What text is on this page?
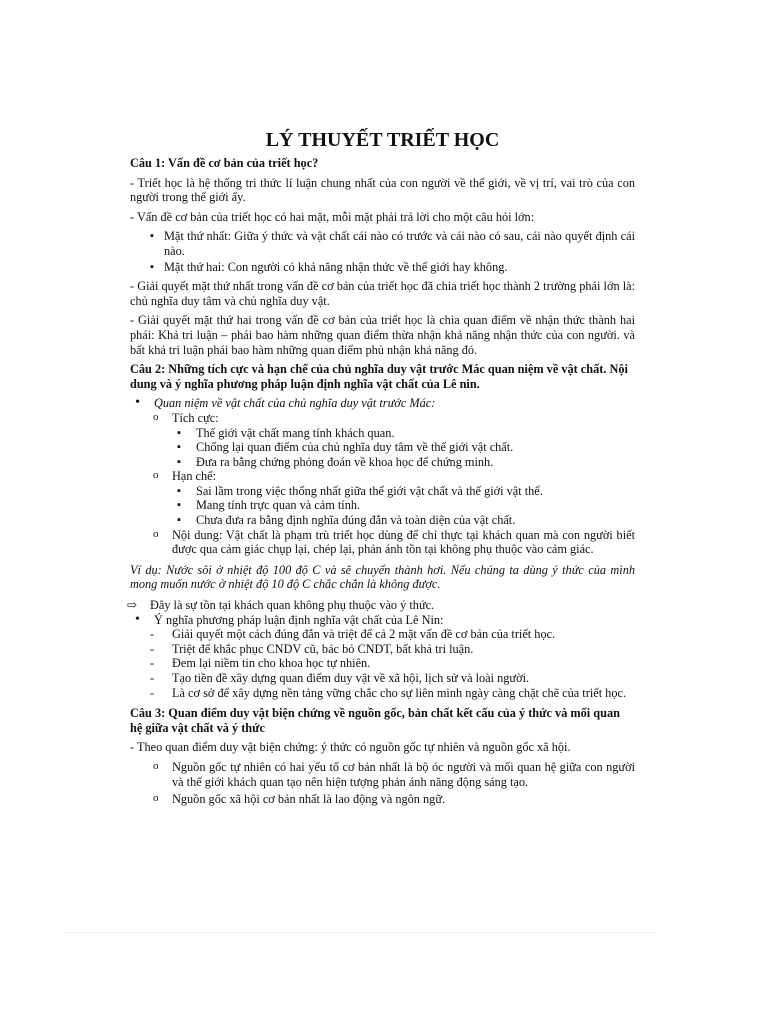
LÝ THUYẾT TRIẾT HỌC
Câu 1: Vấn đề cơ bản của triết học?

- Triết học là hệ thống tri thức lí luận chung nhất của con người về thế giới, về vị trí, vai trò của con người trong thế giới ấy.

- Vấn đề cơ bản của triết học có hai mặt, mỗi mặt phải trả lời cho một câu hỏi lớn:

▪ Mặt thứ nhất: Giữa ý thức và vật chất cái nào có trước và cái nào có sau, cái nào quyết định cái nào.
▪ Mặt thứ hai: Con người có khả năng nhận thức về thế giới hay không.

- Giải quyết mặt thứ nhất trong vấn đề cơ bản của triết học đã chia triết học thành 2 trường phái lớn là: chủ nghĩa duy tâm và chủ nghĩa duy vật.

- Giải quyết mặt thứ hai trong vấn đề cơ bản của triết học là chia quan điểm về nhận thức thành hai phái: Khả tri luận – phái bao hàm những quan điểm thừa nhận khả năng nhận thức của con người. và bất khả tri luận phái bao hàm những quan điểm phủ nhận khả năng đó.

Câu 2: Những tích cực và hạn chế của chủ nghĩa duy vật trước Mác quan niệm về vật chất. Nội dung và ý nghĩa phương pháp luận định nghĩa vật chất của Lê nin.
• Quan niệm về vật chất của chủ nghĩa duy vật trước Mác:
o Tích cực:
▪ Thế giới vật chất mang tính khách quan.
▪ Chống lại quan điểm của chủ nghĩa duy tâm về thế giới vật chất.
▪ Đưa ra bằng chứng phỏng đoán về khoa học để chứng minh.
o Hạn chế:
▪ Sai lầm trong việc thống nhất giữa thế giới vật chất và thế giới vật thể.
▪ Mang tính trực quan và cảm tính.
▪ Chưa đưa ra bằng định nghĩa đúng đắn và toàn diện của vật chất.
o Nội dung: Vật chất là phạm trù triết học dùng để chỉ thực tại khách quan mà con người biết được qua cảm giác chụp lại, chép lại, phản ánh tồn tại không phụ thuộc vào cảm giác.

Ví dụ: Nước sôi ở nhiệt độ 100 độ C và sẽ chuyển thành hơi. Nếu chúng ta dùng ý thức của mình mong muốn nước ở nhiệt độ 10 độ C chắc chắn là không được.

⇨ Đây là sự tồn tại khách quan không phụ thuộc vào ý thức.
• Ý nghĩa phương pháp luận định nghĩa vật chất của Lê Nin:
- Giải quyết một cách đúng đắn và triệt để cả 2 mặt vấn đề cơ bản của triết học.
- Triệt để khắc phục CNDV cũ, bác bỏ CNDT, bất khả tri luận.
- Đem lại niềm tin cho khoa học tự nhiên.
- Tạo tiền đề xây dựng quan điểm duy vật về xã hội, lịch sử và loài người.
- Là cơ sở để xây dựng nền tảng vững chắc cho sự liên minh ngày càng chặt chẽ của triết học.
Câu 3: Quan điểm duy vật biện chứng về nguồn gốc, bản chất kết cấu của ý thức và mối quan hệ giữa vật chất và ý thức

- Theo quan điểm duy vật biện chứng: ý thức có nguồn gốc tự nhiên và nguồn gốc xã hội.

o Nguồn gốc tự nhiên có hai yếu tố cơ bản nhất là bộ óc người và mối quan hệ giữa con người và thế giới khách quan tạo nên hiện tượng phản ánh năng động sáng tạo.
o Nguồn gốc xã hội cơ bản nhất là lao động và ngôn ngữ.
